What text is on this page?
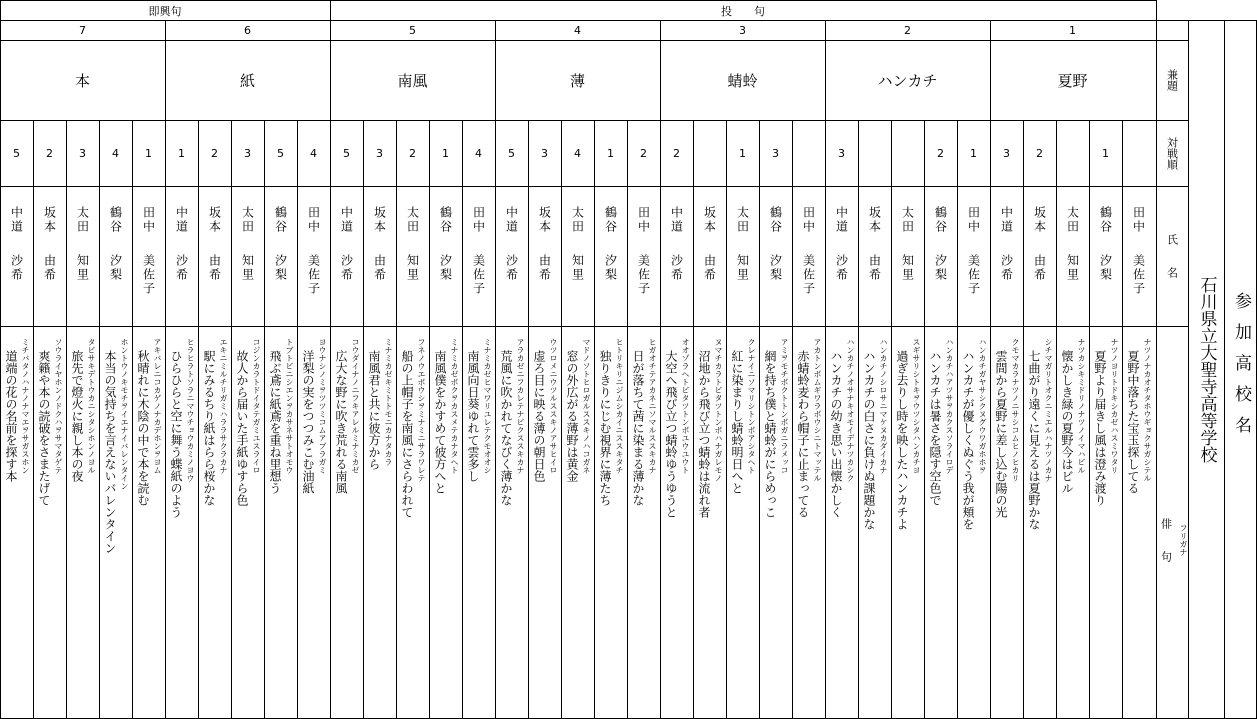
即興句	投　　句
兼題
対戦順
氏　　名
俳　　句 フリガナ
石川県立大聖寺高等学校 参加高校名
7
本
5
中道
沙希
道端の花の名前を探す本 ミチバタノハナノナマエヲサガスホン
2
坂本
由希
爽籟や本の読破をさまたげて ソウライヤホンノドクハヲサマタゲテ
3
太田
知里
旅先で燈火に親し本の夜 タビサキデトウカニシタシホンノヨル
4
鶴谷
汐梨
本当の気持ちを言えないバレンタイン ホントウノキモチヲイエナイバレンタイン
1
田中
美佐子
秋晴れに木陰の中で本を読む アキバレニコカゲノナカデホンヲヨム
6
紙
1
中道
沙希
ひらひらと空に舞う蝶紙のよう ヒラヒラトソラニマウチョウカミノヨウ
2
坂本
由希
駅にみるちり紙はらら桜かな エキニミルチリガミハララサクラカナ
3
太田
知里
故人から届いた手紙ゆすら色 コジンカラトドイタテガミユスライロ
5
鶴谷
汐梨
飛ぶ鳶に紙鳶を重ね里想う トブトビニシエンヲカサネサトオモウ
4
田中
美佐子
洋梨の実をつつみこむ油紙 ヨウナシノミヲツツミコムアブラガミ
5
南風
5
中道
沙希
広大な野に吹き荒れる南風 コウダイナノニフキアレルミナミカゼ
3
坂本
由希
南風君と共に彼方から ミナミカゼキミトトモニカナタカラ
2
太田
知里
船の上帽子を南風にさらわれて フネノウエボウシヲミナミニサラワレテ
1
鶴谷
汐梨
南風僕をかすめて彼方へと ミナミカゼボクヲカスメテカナタヘト
4
田中
美佐子
南風向日葵ゆれて雲多し ミナミカゼヒマワリユレテクモオオシ
4
薄
5
中道
沙希
荒風に吹かれてなびく薄かな アラカゼニフカレテナビクススキカナ
3
坂本
由希
虚ろ目に映る薄の朝日色 ウツロメニウツルススキノアサヒイロ
4
太田
知里
窓の外広がる薄野は黄金 マドノソトヒロガルススキノハコガネ
1
鶴谷
汐梨
独りきりにじむ視界に薄たち ヒトリキリニジムシカイニススキタチ
2
田中
美佐子
日が落ちて茜に染まる薄かな ヒガオチテアカネニソマルススキカナ
3
蜻蛉
2
中道
沙希
大空へ飛び立つ蜻蛉ゆうゆうと オオゾラヘトビタツトンボユウユウト
坂本
由希
沼地から飛び立つ蜻蛉は流れ者 ヌマチカラトビタツトンボハナガレモノ
1
太田
知里
紅に染まりし蜻蛉明日へと クレナイニソマリシトンボアシタヘト
3
鶴谷
汐梨
網を持ち僕と蜻蛉がにらめっこ アミヲモチボクトトンボガニラメッコ
田中
美佐子
赤蜻蛉麦わら帽子に止まってる アカトンボムギワラボウシニトマッテル
2
ハンカチ
3
中道
沙希
ハンカチの幼き思い出懐かしく ハンカチノオサナキオモイデナツカシク
坂本
由希
ハンカチの白さに負けぬ課題かな ハンカチノシロサニマケヌカダイカナ
太田
知里
過ぎ去りし時を映したハンカチよ スギサリシトキヲウツシタハンカチヨ
2
鶴谷
汐梨
ハンカチは暑さを隠す空色で ハンカチハアツサヲカクスソライロデ
1
田中
美佐子
ハンカチが優しくぬぐう我が頬を ハンカチガヤサシクヌグウワガホホヲ
1
夏野
3
中道
沙希
雲間から夏野に差し込む陽の光 クモマカラナツノニサシコムヒノヒカリ
2
坂本
由希
七曲がり遠くに見えるは夏野かな シチマガリトオクニミエルハナツノカナ
太田
知里
懐かしき緑の夏野今はビル ナツカシキミドリノナツノイマハビル
1
鶴谷
汐梨
夏野より届きし風は澄み渡り ナツノヨリトドキシカゼハスミワタリ
田中
美佐子
夏野中落ちた宝玉探してる ナツノナカオチタホウギョクサガシテル
